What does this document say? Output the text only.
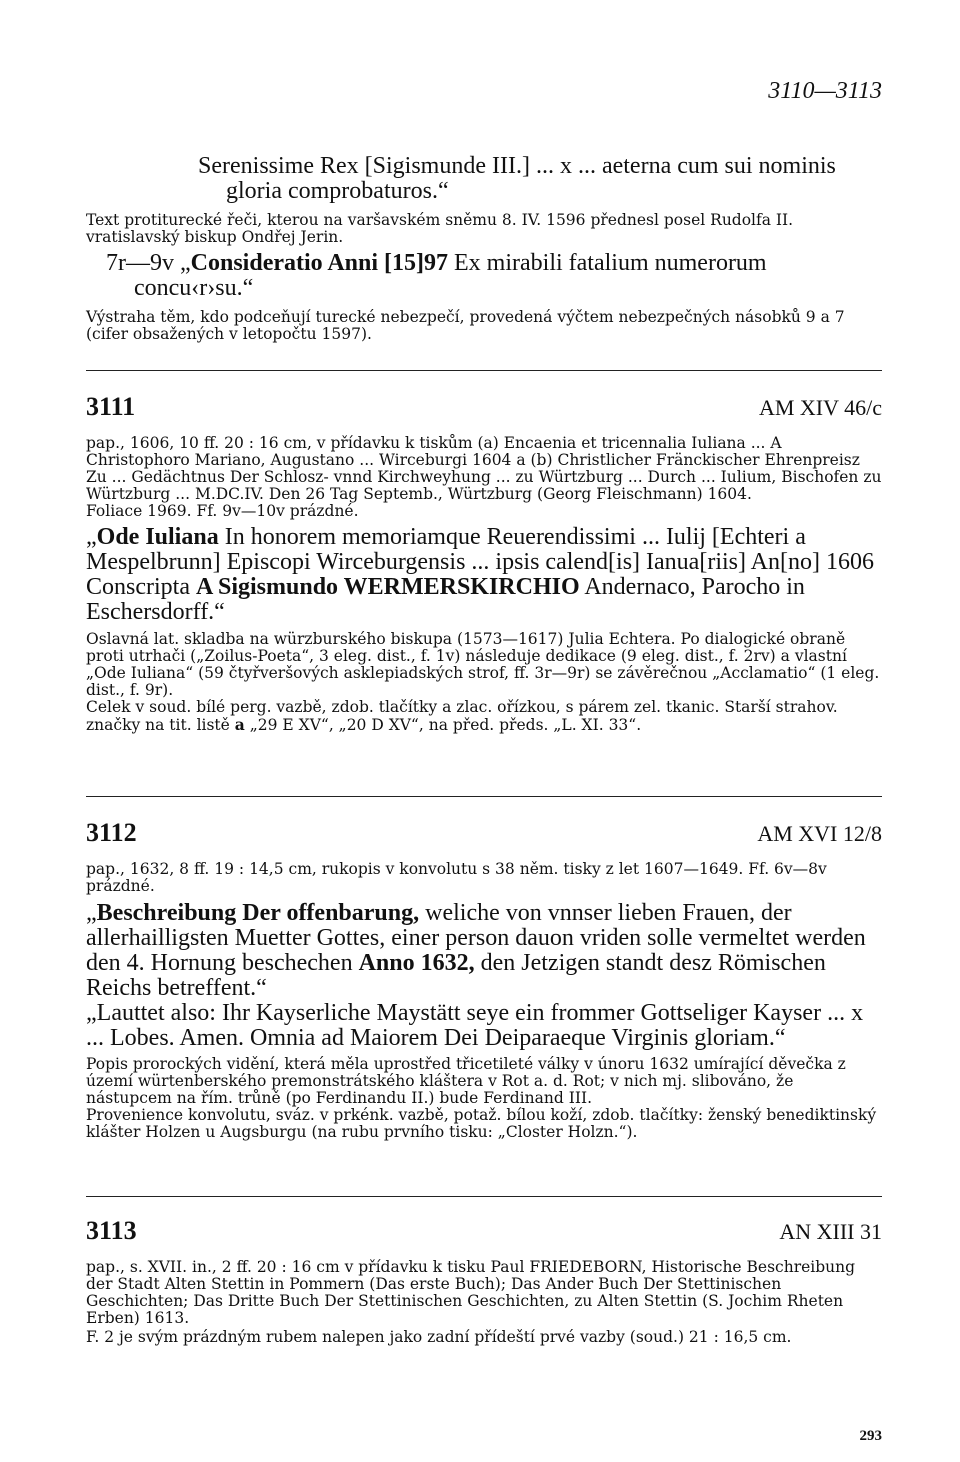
3110—3113

Serenissime Rex [Sigismunde III.] ... x ... aeterna cum sui nominis gloria comprobaturos.“

Text protiturecké řeči, kterou na varšavském sněmu 8. IV. 1596 přednesl posel Rudolfa II. vratislavský biskup Ondřej Jerin.

7r—9v „Consideratio Anni [15]97 Ex mirabili fatalium numerorum concu‹r›su.“

Výstraha těm, kdo podceňují turecké nebezpečí, provedená výčtem nebezpečných násobků 9 a 7 (cifer obsažených v letopočtu 1597).

3111	AM XIV 46/c

pap., 1606, 10 ff. 20 : 16 cm, v přídavku k tiskům (a) Encaenia et tricennalia Iuliana ... A Christophoro Mariano, Augustano ... Wirceburgi 1604 a (b) Christlicher Fränckischer Ehrenpreisz Zu ... Gedächtnus Der Schlosz- vnnd Kirchweyhung ... zu Würtzburg ... Durch ... Iulium, Bischofen zu Würtzburg ... M.DC.IV. Den 26 Tag Septemb., Würtzburg (Georg Fleischmann) 1604.

Foliace 1969. Ff. 9v—10v prázdné.

„Ode Iuliana In honorem memoriamque Reuerendissimi ... Iulij [Echteri a Mespelbrunn] Episcopi Wirceburgensis ... ipsis calend[is] Ianua[riis] An[no] 1606 Conscripta A Sigismundo WERMERSKIRCHIO Andernaco, Parocho in Eschersdorff.“

Oslavná lat. skladba na würzburského biskupa (1573—1617) Julia Echtera. Po dialogické obraně proti utrhači („Zoilus-Poeta“, 3 eleg. dist., f. 1v) následuje dedikace (9 eleg. dist., f. 2rv) a vlastní „Ode Iuliana“ (59 čtyřveršových asklepiadských strof, ff. 3r—9r) se závěrečnou „Acclamatio“ (1 eleg. dist., f. 9r).

Celek v soud. bílé perg. vazbě, zdob. tlačítky a zlac. ořízkou, s párem zel. tkanic. Starší strahov. značky na tit. listě a „29 E XV“, „20 D XV“, na před. předs. „L. XI. 33“.

3112	AM XVI 12/8

pap., 1632, 8 ff. 19 : 14,5 cm, rukopis v konvolutu s 38 něm. tisky z let 1607—1649. Ff. 6v—8v prázdné.

„Beschreibung Der offenbarung, weliche von vnnser lieben Frauen, der allerhailligsten Muetter Gottes, einer person dauon vriden solle vermeltet werden den 4. Hornung beschechen Anno 1632, den Jetzigen standt desz Römischen Reichs betreffent.“

„Lauttet also: Ihr Kayserliche Maystätt seye ein frommer Gottseliger Kayser ... x ... Lobes. Amen. Omnia ad Maiorem Dei Deiparaeque Virginis gloriam.“

Popis prorockých vidění, která měla uprostřed třicetileté války v únoru 1632 umírající děvečka z území würtenberského premonstrátského kláštera v Rot a. d. Rot; v nich mj. slibováno, že nástupcem na řím. trůně (po Ferdinandu II.) bude Ferdinand III.

Provenience konvolutu, sváz. v prkénk. vazbě, potaž. bílou koží, zdob. tlačítky: ženský benediktinský klášter Holzen u Augsburgu (na rubu prvního tisku: „Closter Holzn.“).

3113	AN XIII 31

pap., s. XVII. in., 2 ff. 20 : 16 cm v přídavku k tisku Paul FRIEDEBORN, Historische Beschreibung der Stadt Alten Stettin in Pommern (Das erste Buch); Das Ander Buch Der Stettinischen Geschichten; Das Dritte Buch Der Stettinischen Geschichten, zu Alten Stettin (S. Jochim Rheten Erben) 1613.

F. 2 je svým prázdným rubem nalepen jako zadní přídeští prvé vazby (soud.) 21 : 16,5 cm.

293
